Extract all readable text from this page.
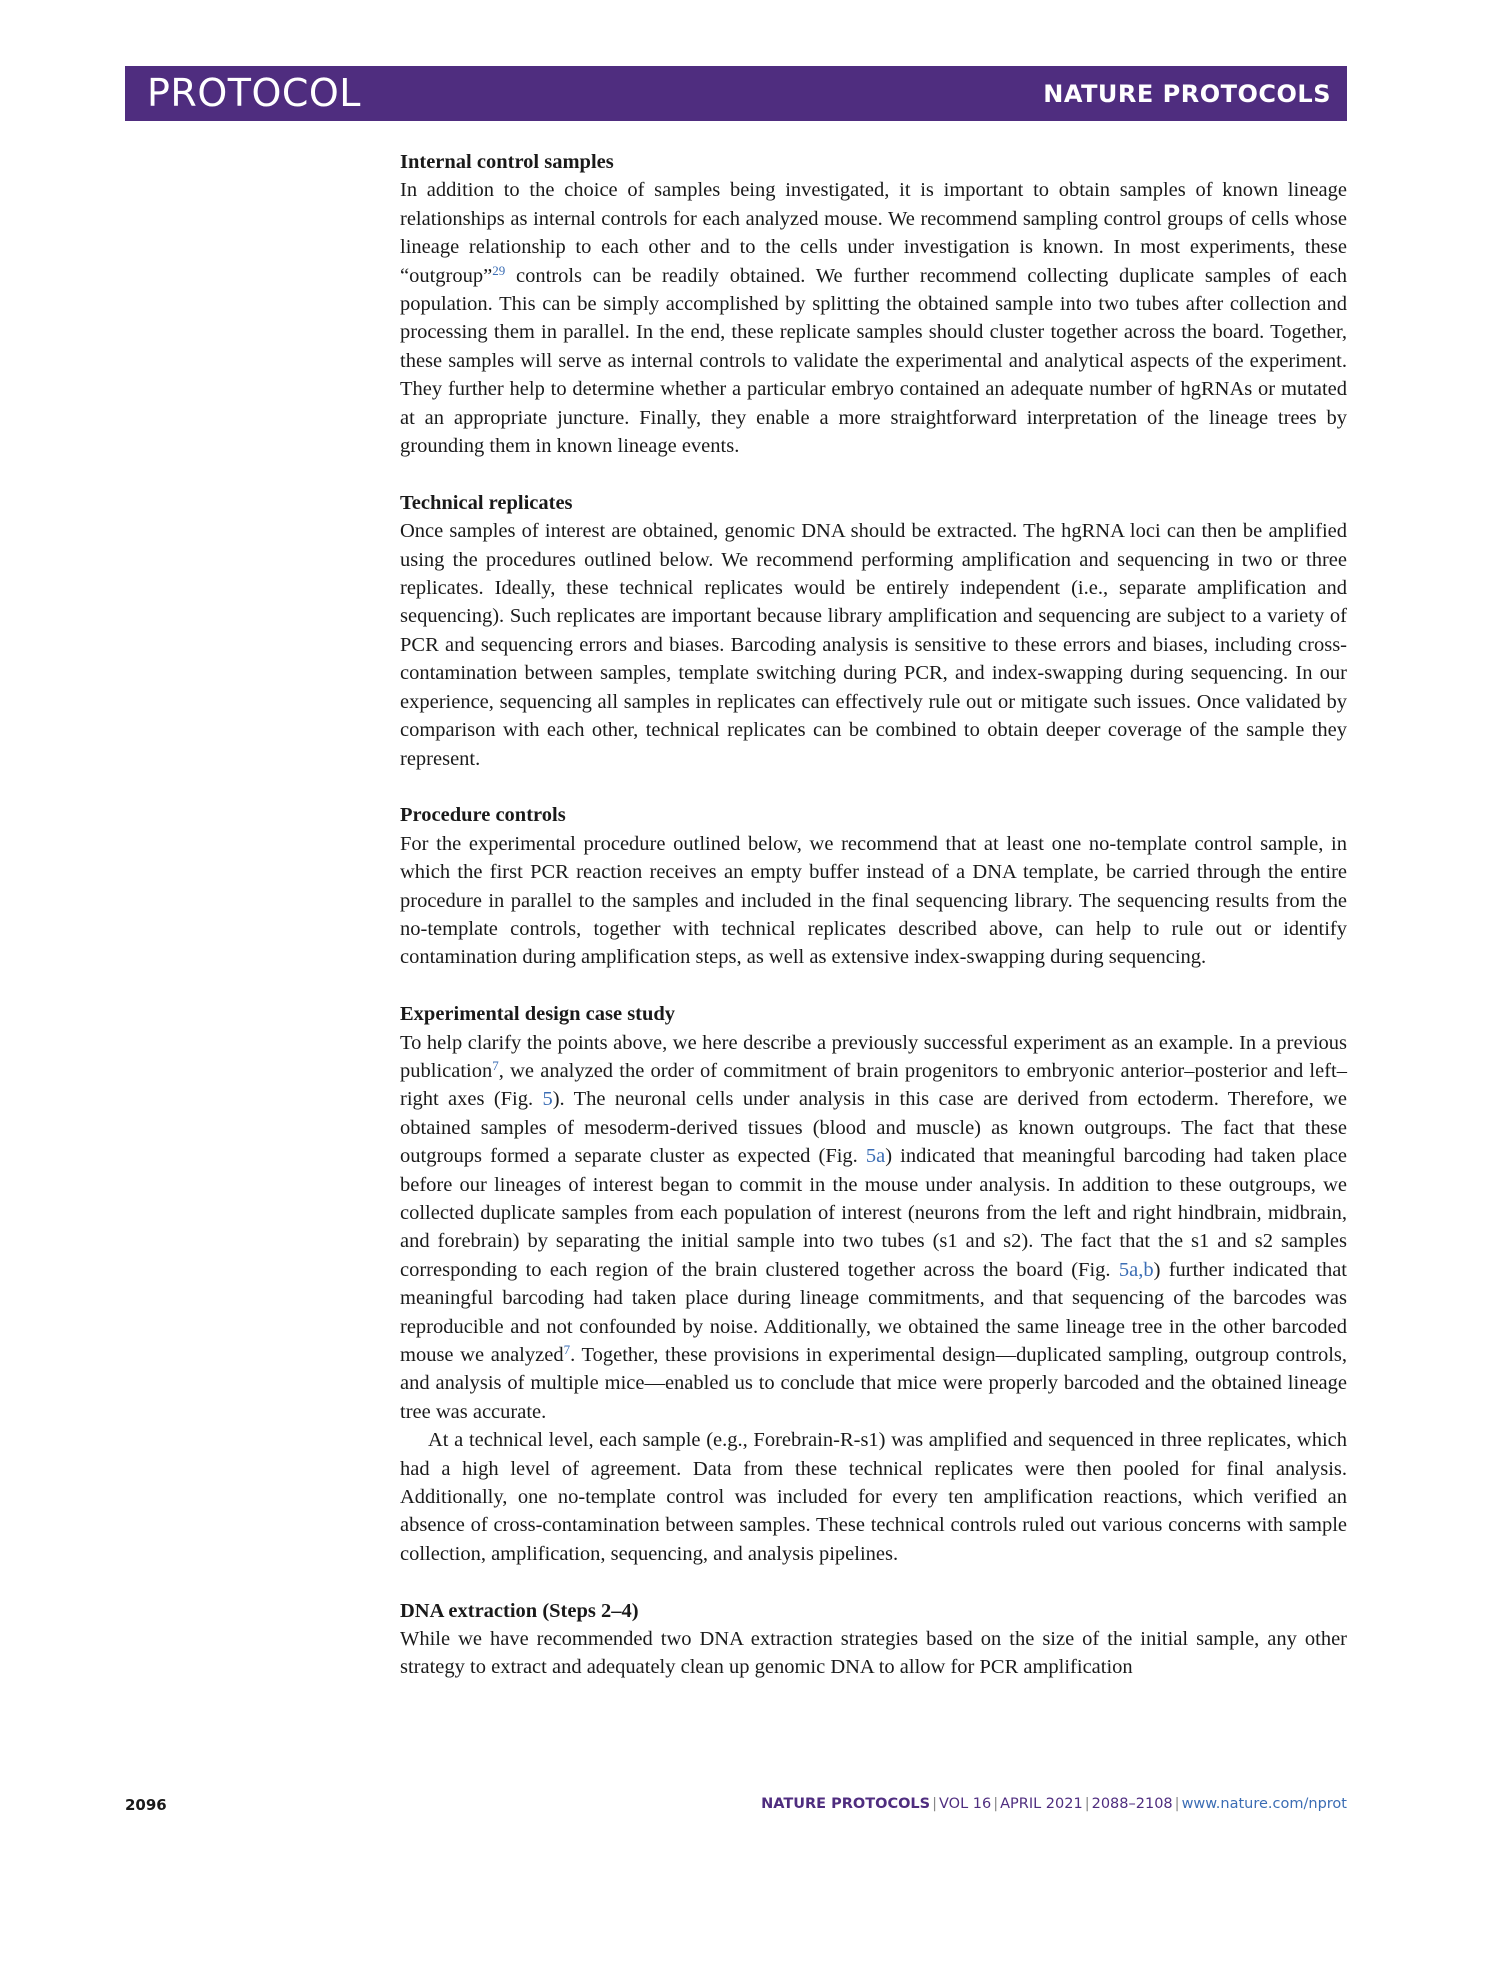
PROTOCOL	NATURE PROTOCOLS
Internal control samples

In addition to the choice of samples being investigated, it is important to obtain samples of known lineage relationships as internal controls for each analyzed mouse. We recommend sampling control groups of cells whose lineage relationship to each other and to the cells under investigation is known. In most experiments, these “outgroup”$^{29}$ controls can be readily obtained. We further recommend collecting duplicate samples of each population. This can be simply accomplished by splitting the obtained sample into two tubes after collection and processing them in parallel. In the end, these replicate samples should cluster together across the board. Together, these samples will serve as internal controls to validate the experimental and analytical aspects of the experiment. They further help to determine whether a particular embryo contained an adequate number of hgRNAs or mutated at an appropriate juncture. Finally, they enable a more straightforward interpretation of the lineage trees by grounding them in known lineage events.

Technical replicates

Once samples of interest are obtained, genomic DNA should be extracted. The hgRNA loci can then be amplified using the procedures outlined below. We recommend performing amplification and sequencing in two or three replicates. Ideally, these technical replicates would be entirely independent (i.e., separate amplification and sequencing). Such replicates are important because library amplification and sequencing are subject to a variety of PCR and sequencing errors and biases. Barcoding analysis is sensitive to these errors and biases, including cross-contamination between samples, template switching during PCR, and index-swapping during sequencing. In our experience, sequencing all samples in replicates can effectively rule out or mitigate such issues. Once validated by comparison with each other, technical replicates can be combined to obtain deeper coverage of the sample they represent.

Procedure controls

For the experimental procedure outlined below, we recommend that at least one no-template control sample, in which the first PCR reaction receives an empty buffer instead of a DNA template, be carried through the entire procedure in parallel to the samples and included in the final sequencing library. The sequencing results from the no-template controls, together with technical replicates described above, can help to rule out or identify contamination during amplification steps, as well as extensive index-swapping during sequencing.

Experimental design case study

To help clarify the points above, we here describe a previously successful experiment as an example. In a previous publication$^7$, we analyzed the order of commitment of brain progenitors to embryonic anterior–posterior and left–right axes (Fig. 5). The neuronal cells under analysis in this case are derived from ectoderm. Therefore, we obtained samples of mesoderm-derived tissues (blood and muscle) as known outgroups. The fact that these outgroups formed a separate cluster as expected (Fig. 5a) indicated that meaningful barcoding had taken place before our lineages of interest began to commit in the mouse under analysis. In addition to these outgroups, we collected duplicate samples from each population of interest (neurons from the left and right hindbrain, midbrain, and forebrain) by separating the initial sample into two tubes (s1 and s2). The fact that the s1 and s2 samples corresponding to each region of the brain clustered together across the board (Fig. 5a,b) further indicated that meaningful barcoding had taken place during lineage commitments, and that sequencing of the barcodes was reproducible and not confounded by noise. Additionally, we obtained the same lineage tree in the other barcoded mouse we analyzed$^7$. Together, these provisions in experimental design—duplicated sampling, outgroup controls, and analysis of multiple mice—enabled us to conclude that mice were properly barcoded and the obtained lineage tree was accurate.

At a technical level, each sample (e.g., Forebrain-R-s1) was amplified and sequenced in three replicates, which had a high level of agreement. Data from these technical replicates were then pooled for final analysis. Additionally, one no-template control was included for every ten amplification reactions, which verified an absence of cross-contamination between samples. These technical controls ruled out various concerns with sample collection, amplification, sequencing, and analysis pipelines.

DNA extraction (Steps 2–4)

While we have recommended two DNA extraction strategies based on the size of the initial sample, any other strategy to extract and adequately clean up genomic DNA to allow for PCR amplification

2096	NATURE PROTOCOLS | VOL 16 | APRIL 2021 | 2088–2108 | www.nature.com/nprot
